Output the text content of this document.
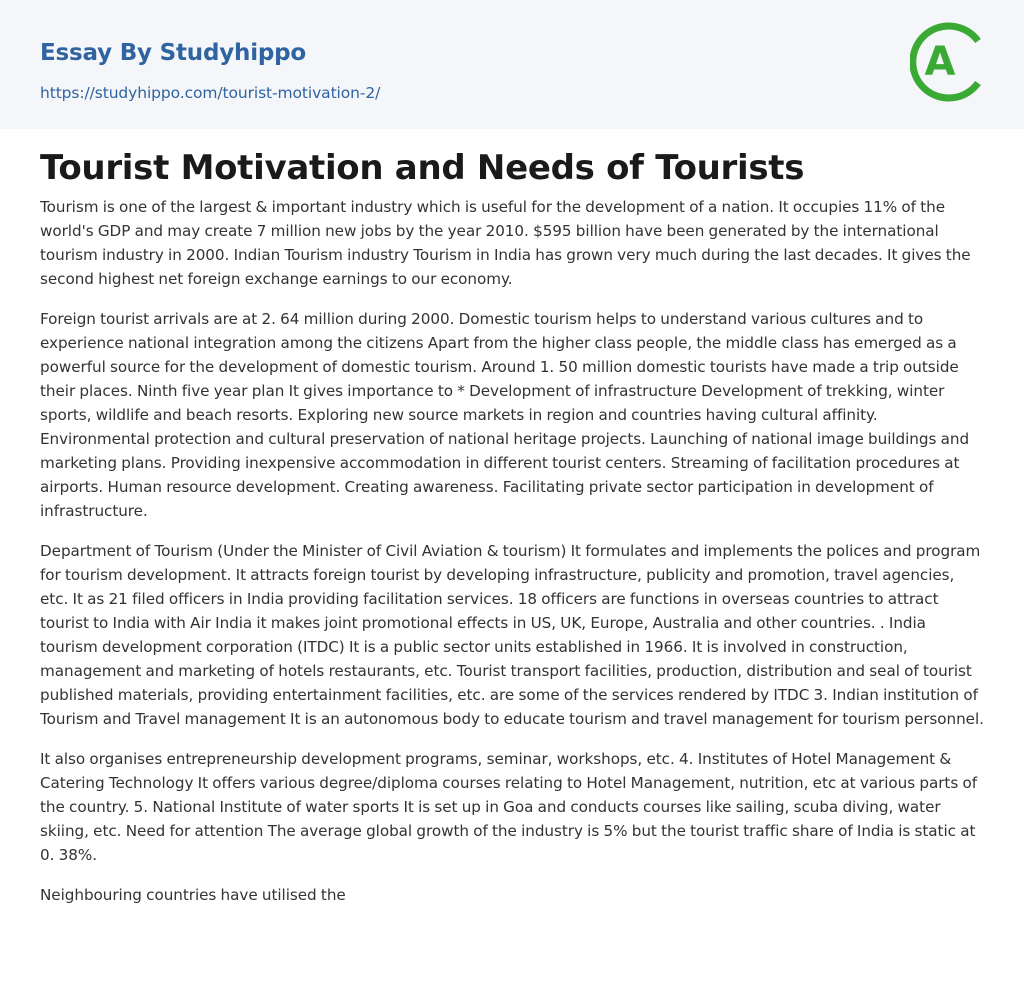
Essay By Studyhippo
https://studyhippo.com/tourist-motivation-2/
A
Tourist Motivation and Needs of Tourists

Tourism is one of the largest & important industry which is useful for the development of a nation. It occupies 11% of the world's GDP and may create 7 million new jobs by the year 2010. $595 billion have been generated by the international tourism industry in 2000. Indian Tourism industry Tourism in India has grown very much during the last decades. It gives the second highest net foreign exchange earnings to our economy.

Foreign tourist arrivals are at 2. 64 million during 2000. Domestic tourism helps to understand various cultures and to experience national integration among the citizens Apart from the higher class people, the middle class has emerged as a powerful source for the development of domestic tourism. Around 1. 50 million domestic tourists have made a trip outside their places. Ninth five year plan It gives importance to * Development of infrastructure Development of trekking, winter sports, wildlife and beach resorts. Exploring new source markets in region and countries having cultural affinity. Environmental protection and cultural preservation of national heritage projects. Launching of national image buildings and marketing plans. Providing inexpensive accommodation in different tourist centers. Streaming of facilitation procedures at airports. Human resource development. Creating awareness. Facilitating private sector participation in development of infrastructure.

Department of Tourism (Under the Minister of Civil Aviation & tourism) It formulates and implements the polices and program for tourism development. It attracts foreign tourist by developing infrastructure, publicity and promotion, travel agencies, etc. It as 21 filed officers in India providing facilitation services. 18 officers are functions in overseas countries to attract tourist to India with Air India it makes joint promotional effects in US, UK, Europe, Australia and other countries. . India tourism development corporation (ITDC) It is a public sector units established in 1966. It is involved in construction, management and marketing of hotels restaurants, etc. Tourist transport facilities, production, distribution and seal of tourist published materials, providing entertainment facilities, etc. are some of the services rendered by ITDC 3. Indian institution of Tourism and Travel management It is an autonomous body to educate tourism and travel management for tourism personnel.

It also organises entrepreneurship development programs, seminar, workshops, etc. 4. Institutes of Hotel Management & Catering Technology It offers various degree/diploma courses relating to Hotel Management, nutrition, etc at various parts of the country. 5. National Institute of water sports It is set up in Goa and conducts courses like sailing, scuba diving, water skiing, etc. Need for attention The average global growth of the industry is 5% but the tourist traffic share of India is static at 0. 38%.

Neighbouring countries have utilised the
